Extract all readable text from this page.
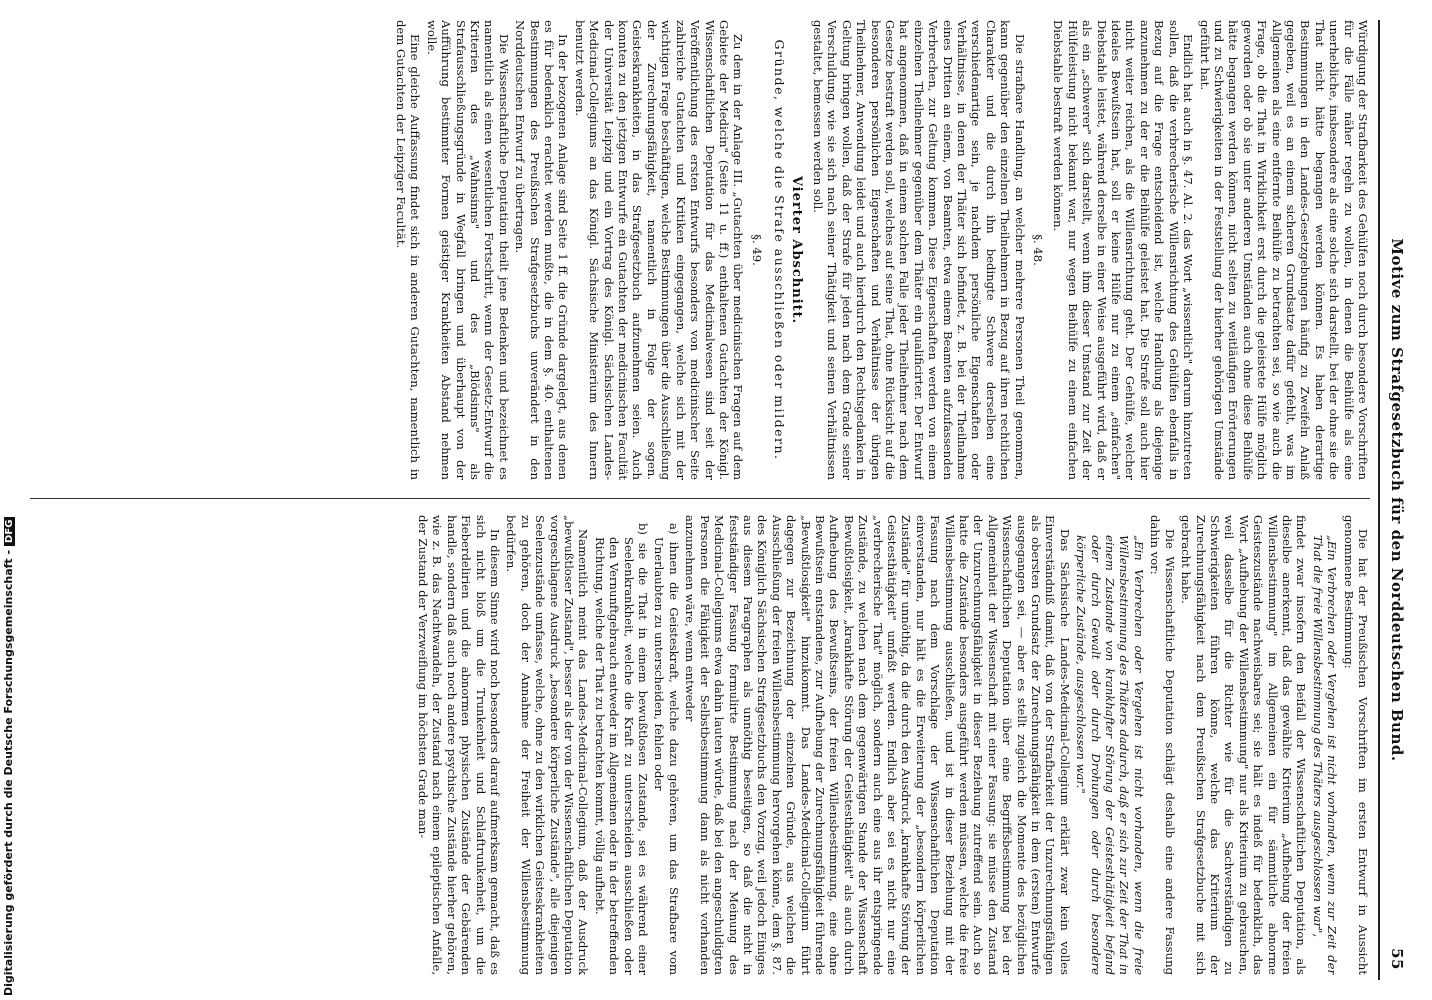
Motive zum Strafgesetzbuch für den Norddeutschen Bund.
55

Würdigung der Strafbarkeit des Gehülfen noch durch besondere Vorschriften für die Fälle näher regeln zu wollen, in denen die Beihülfe als eine unerhebliche, insbesondere als eine solche sich darstellt, bei der ohne sie die That nicht hätte begangen werden können. Es haben derartige Bestimmungen in den Landes-Gesetzgebungen häufig zu Zweifeln Anlaß gegeben, weil es an einem sicheren Grundsatze dafür gefehlt, was im Allgemeinen als eine entfernte Beihülfe zu betrachten sei, so wie auch die Frage, ob die That in Wirklichkeit erst durch die geleistete Hülfe möglich geworden oder ob sie unter anderen Umständen auch ohne diese Beihülfe hätte begangen werden können, nicht selten zu weitläufigen Erörterungen und zu Schwierigkeiten in der Feststellung der hierher gehörigen Umstände geführt hat.

Endlich hat auch in §. 47. Al. 2. das Wort „wissentlich" darum hinzutreten sollen, daß die verbrecherische Willensrichtung des Gehülfen ebenfalls in Bezug auf die Frage entscheidend ist, welche Handlung als diejenige anzunehmen zu der er die Beihülfe geleistet hat. Die Strafe soll auch hier nicht weiter reichen, als die Willensrichtung geht. Der Gehülfe, welcher ideales Bewußtsein hat, soll er keine Hülfe nur zu einem „einfachen" Diebstahle leistet, während derselbe in einer Weise ausgeführt wird, daß er als ein „schwerer" sich darstellt, wenn ihm dieser Umstand zur Zeit der Hülfeleistung nicht bekannt war, nur wegen Beihülfe zu einem einfachen Diebstahle bestraft werden können.

§. 48.

Die strafbare Handlung, an welcher mehrere Personen Theil genommen, kann gegenüber den einzelnen Theilnehmern in Bezug auf ihren rechtlichen Charakter und die durch ihn bedingte Schwere derselben eine verschiedenartige sein, je nachdem persönliche Eigenschaften oder Verhältnisse, in denen der Thäter sich befindet, z. B. bei der Theilnahme eines Dritten an einem, von Beamten, etwa einem Beamten aufzufassenden Verbrechen, zur Geltung kommen. Diese Eigenschaften werden von einem einzelnen Theilnehmer gegenüber dem Thäter ein qualificirter. Der Entwurf hat angenommen, daß in einem solchen Falle jeder Theilnehmer nach dem Gesetze bestraft werden soll, welches auf seine That, ohne Rücksicht auf die besonderen persönlichen Eigenschaften und Verhältnisse der übrigen Theilnehmer, Anwendung leidet und auch hierdurch den Rechtsgedanken in Geltung bringen wollen, daß der Strafe für jeden nach dem Grade seiner Verschuldung, wie sie sich nach seiner Thätigkeit und seinen Verhältnissen gestaltet, bemessen werden soll.

Vierter Abschnitt.
Gründe, welche die Strafe ausschließen oder mildern.
§. 49.

Zu dem in der Anlage III. „Gutachten über medicinischen Fragen auf dem Gebiete der Medicin" (Seite 11 u. ff.) enthaltenen Gutachten der Königl. Wissenschaftlichen Deputation für das Medicinalwesen sind seit der Veröffentlichung des ersten Entwurfs besonders von medicinischer Seite zahlreiche Gutachten und Kritiken eingegangen, welche sich mit der wichtigen Frage beschäftigen, welche Bestimmungen über die Ausschließung der Zurechnungsfähigkeit, namentlich in Folge der sogen. Geisteskrankheiten, in das Strafgesetzbuch aufzunehmen seien. Auch konnten zu den jetzigen Entwurfe ein Gutachten der medicinischen Facultät der Universität Leipzig und ein Vortrag des Königl. Sächsischen Landes-Medicinal-Collegiums an das Königl. Sächsische Ministerium des Innern benutzt werden.

In der bezogenen Anlage sind Seite 1 ff. die Gründe dargelegt, aus denen es für bedenklich erachtet werden mußte, die in dem §. 40. enthaltenen Bestimmungen des Preußischen Strafgesetzbuchs unverändert in den Norddeutschen Entwurf zu übertragen.

Die Wissenschaftliche Deputation theilt jene Bedenken und bezeichnet es namentlich als einen wesentlichen Fortschritt, wenn der Gesetz-Entwurf die Kriterien des „Wahnsinns" und des „Blödsinns" als Strafausschließungsgründe in Wegfall bringen und überhaupt von der Aufführung bestimmter Formen geistiger Krankheiten Abstand nehmen wolle.

Eine gleiche Auffassung findet sich in anderen Gutachten, namentlich in dem Gutachten der Leipziger Facultät.

Die hat der Preußischen Vorschriften im ersten Entwurf in Aussicht genommene Bestimmung:

„Ein Verbrechen oder Vergehen ist nicht vorhanden, wenn zur Zeit der That die freie Willensbestimmung des Thäters ausgeschlossen war",

findet zwar insofern den Beifall der Wissenschaftlichen Deputation, als dieselbe anerkennt, daß das gewählte Kriterium „Aufhebung der freien Willensbestimmung" im Allgemeinen ein für sämmtliche abnorme Geisteszustände nachweisbares sei; sie hält es indeß für bedenklich, das Wort „Aufhebung der Willensbestimmung" nur als Kriterium zu gebrauchen, weil dasselbe für die Richter wie für die Sachverständigen zu Schwierigkeiten führen könne, welche das Kriterium der Zurechnungsfähigkeit nach dem Preußischen Strafgesetzbuche mit sich gebracht habe.

Die Wissenschaftliche Deputation schlägt deshalb eine andere Fassung dahin vor:

„Ein Verbrechen oder Vergehen ist nicht vorhanden, wenn die freie Willensbestimmung des Thäters dadurch, daß er sich zur Zeit der That in einem Zustande von krankhafter Störung der Geistesthätigkeit befand oder durch Gewalt oder durch Drohungen oder durch besondere körperliche Zustände, ausgeschlossen war."

Das Sächsische Landes-Medicinal-Collegium erklärt zwar kein volles Einverständniß damit, daß von der Strafbarkeit der Unzurechnungsfähigen als obersten Grundsatz der Zurechnungsfähigkeit in dem (ersten) Entwurfe ausgegangen sei, — aber es stellt zugleich die Momente des bezüglichen Wissenschaftlichen Deputation über eine Begriffsbestimmung bei der Allgemeinheit der Wissenschaft mit einer Fassung: sie müsse den Zustand der Unzurechnungsfähigkeit in dieser Beziehung zutreffend sein. Auch so hatte die Zustände besonders ausgeführt werden müssen, welche die freie Willensbestimmung ausschließen, und ist in dieser Beziehung mit der Fassung nach dem Vorschlage der Wissenschaftlichen Deputation einverstanden, nur hält es die Erweiterung der „besondern körperlichen Zustände" für unnöthig, da die durch den Ausdruck „krankhafte Störung der Geistesthätigkeit" umfaßt werden. Endlich aber sei es nicht nur eine „verbrecherische That" möglich, sondern auch eine aus ihr entspringende Zustände, zu welchen nach dem gegenwärtigen Stande der Wissenschaft Bewußtlosigkeit, „krankhafte Störung der Geistesthätigkeit" als auch durch Aufhebung des Bewußtseins, der freien Willensbestimmung, eine ohne Bewußtsein entstandene, zur Aufhebung der Zurechnungsfähigkeit führende „Bewußtlosigkeit" hinzukommt. Das Landes-Medicinal-Collegium führt dagegen zur Bezeichnung der einzelnen Gründe, aus welchen die Ausschließung der freien Willensbestimmung hervorgehen könne, dem §. 87. des Königlich Sächsischen Strafgesetzbuchs den Vorzug, weil jedoch Einiges aus diesem Paragraphen als unnöthig beseitigen, so daß die nicht in festständiger Fassung formulirte Bestimmung nach der Meinung des Medicinal-Collegiums etwa dahin lauten würde, daß bei den angeschuldigten Personen die Fähigkeit der Selbstbestimmung dann als nicht vorhanden anzunehmen wäre, wenn entweder

a) ihnen die Geisteskraft, welche dazu gehören, um das Strafbare vom Unerlaubten zu unterscheiden, fehlen oder

b) sie die That in einem bewußtlosen Zustande, sei es während einer Seelenkrankheit, welche die Kraft zu unterscheiden ausschließen oder den Vernunftgebrauch entweder im Allgemeinen oder in der betreffenden Richtung, welche der That zu betrachten kommt, völlig aufhebt.

Namentlich meint das Landes-Medicinal-Collegium, daß der Ausdruck „bewußtloser Zustand", besser als der von der Wissenschaftlichen Deputation vorgeschlagene Ausdruck „besondere körperliche Zustände", alle diejenigen Seelenzustände umfasse, welche, ohne zu den wirklichen Geisteskrankheiten zu gehören, doch der Annahme der Freiheit der Willensbestimmung bedürfen.

In diesem Sinne wird noch besonders darauf aufmerksam gemacht, daß es sich nicht bloß um die Trunkenheit und Schlaftrunkenheit, um die Fieberdelirien und die abnormen physischen Zustände der Gebärenden handle, sondern daß auch noch andere psychische Zustände hierher gehören, wie z. B. das Nachtwandeln, der Zustand nach einem epileptischen Anfalle, der Zustand der Verzweiflung im höchsten Grade man-

Digitalisierung gefördert durch die Deutsche Forschungsgemeinschaft -DFG
